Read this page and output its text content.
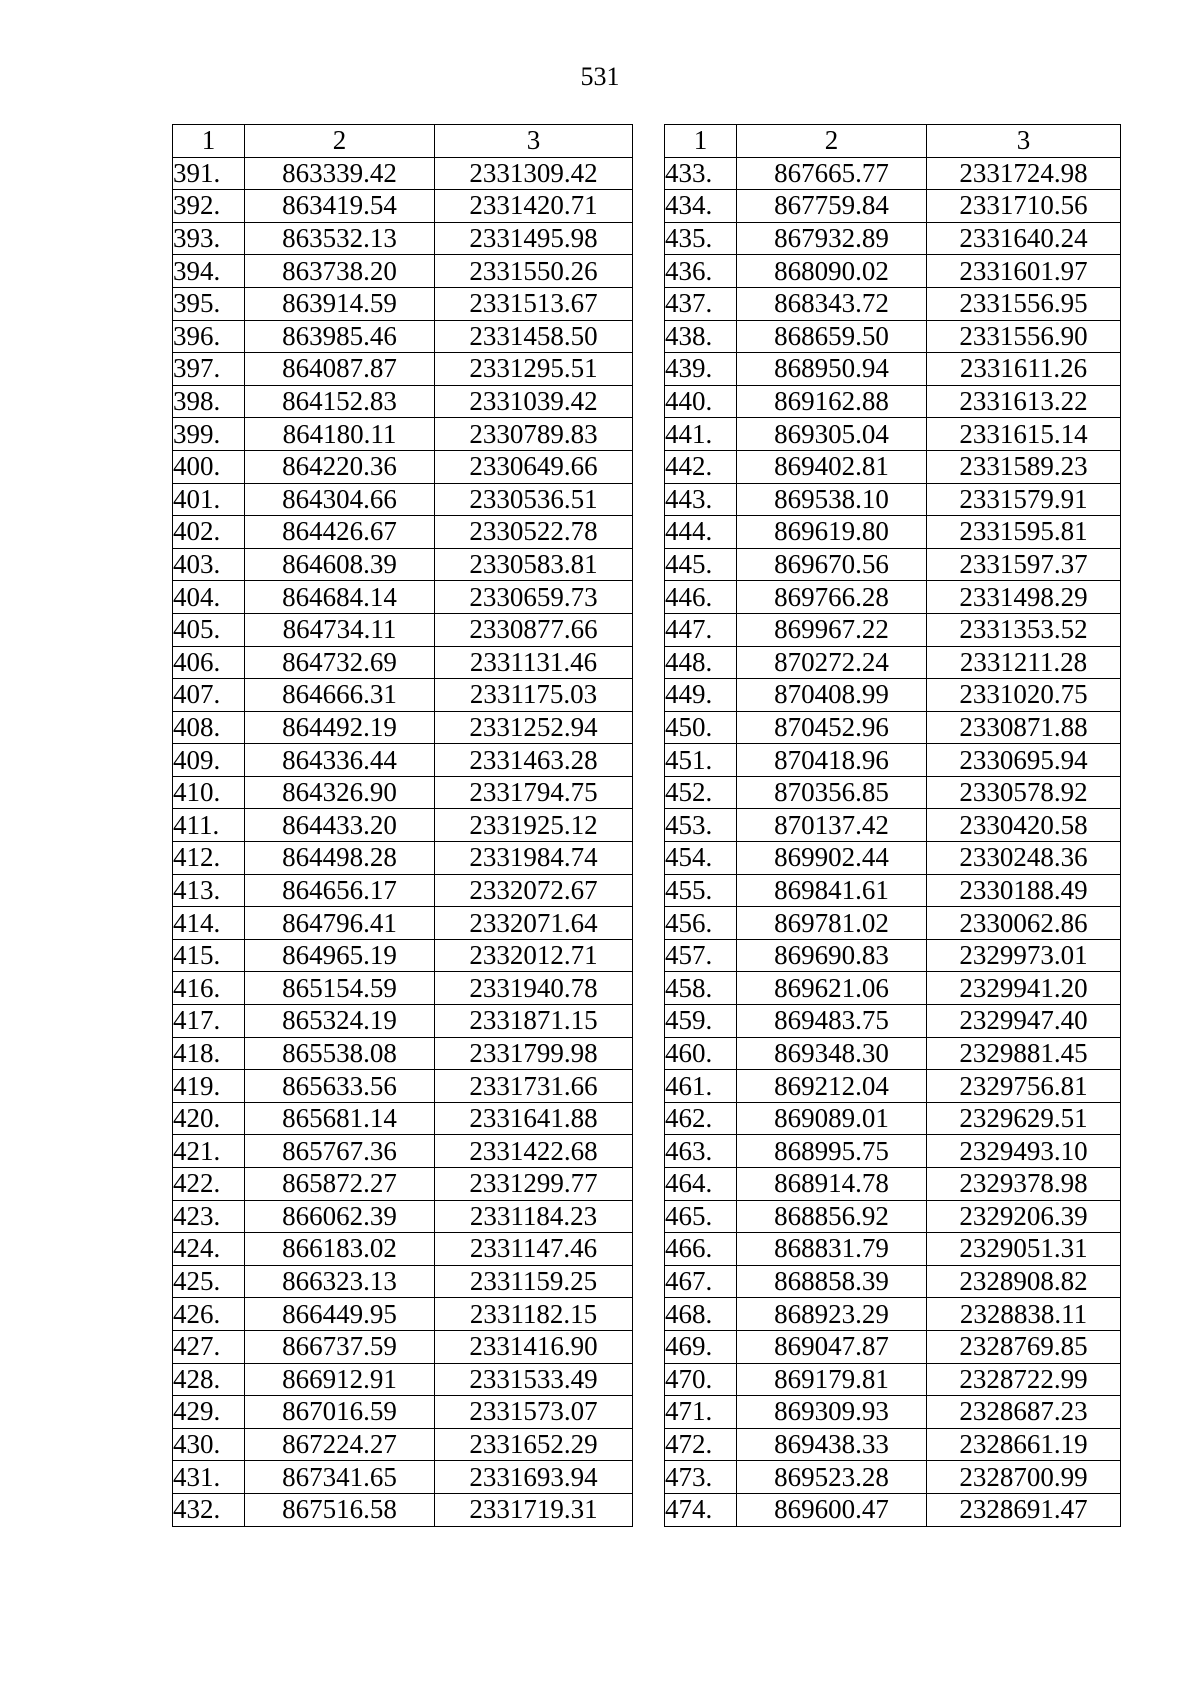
531
1	2	3
391.	863339.42	2331309.42
392.	863419.54	2331420.71
393.	863532.13	2331495.98
394.	863738.20	2331550.26
395.	863914.59	2331513.67
396.	863985.46	2331458.50
397.	864087.87	2331295.51
398.	864152.83	2331039.42
399.	864180.11	2330789.83
400.	864220.36	2330649.66
401.	864304.66	2330536.51
402.	864426.67	2330522.78
403.	864608.39	2330583.81
404.	864684.14	2330659.73
405.	864734.11	2330877.66
406.	864732.69	2331131.46
407.	864666.31	2331175.03
408.	864492.19	2331252.94
409.	864336.44	2331463.28
410.	864326.90	2331794.75
411.	864433.20	2331925.12
412.	864498.28	2331984.74
413.	864656.17	2332072.67
414.	864796.41	2332071.64
415.	864965.19	2332012.71
416.	865154.59	2331940.78
417.	865324.19	2331871.15
418.	865538.08	2331799.98
419.	865633.56	2331731.66
420.	865681.14	2331641.88
421.	865767.36	2331422.68
422.	865872.27	2331299.77
423.	866062.39	2331184.23
424.	866183.02	2331147.46
425.	866323.13	2331159.25
426.	866449.95	2331182.15
427.	866737.59	2331416.90
428.	866912.91	2331533.49
429.	867016.59	2331573.07
430.	867224.27	2331652.29
431.	867341.65	2331693.94
432.	867516.58	2331719.31
1	2	3
433.	867665.77	2331724.98
434.	867759.84	2331710.56
435.	867932.89	2331640.24
436.	868090.02	2331601.97
437.	868343.72	2331556.95
438.	868659.50	2331556.90
439.	868950.94	2331611.26
440.	869162.88	2331613.22
441.	869305.04	2331615.14
442.	869402.81	2331589.23
443.	869538.10	2331579.91
444.	869619.80	2331595.81
445.	869670.56	2331597.37
446.	869766.28	2331498.29
447.	869967.22	2331353.52
448.	870272.24	2331211.28
449.	870408.99	2331020.75
450.	870452.96	2330871.88
451.	870418.96	2330695.94
452.	870356.85	2330578.92
453.	870137.42	2330420.58
454.	869902.44	2330248.36
455.	869841.61	2330188.49
456.	869781.02	2330062.86
457.	869690.83	2329973.01
458.	869621.06	2329941.20
459.	869483.75	2329947.40
460.	869348.30	2329881.45
461.	869212.04	2329756.81
462.	869089.01	2329629.51
463.	868995.75	2329493.10
464.	868914.78	2329378.98
465.	868856.92	2329206.39
466.	868831.79	2329051.31
467.	868858.39	2328908.82
468.	868923.29	2328838.11
469.	869047.87	2328769.85
470.	869179.81	2328722.99
471.	869309.93	2328687.23
472.	869438.33	2328661.19
473.	869523.28	2328700.99
474.	869600.47	2328691.47
